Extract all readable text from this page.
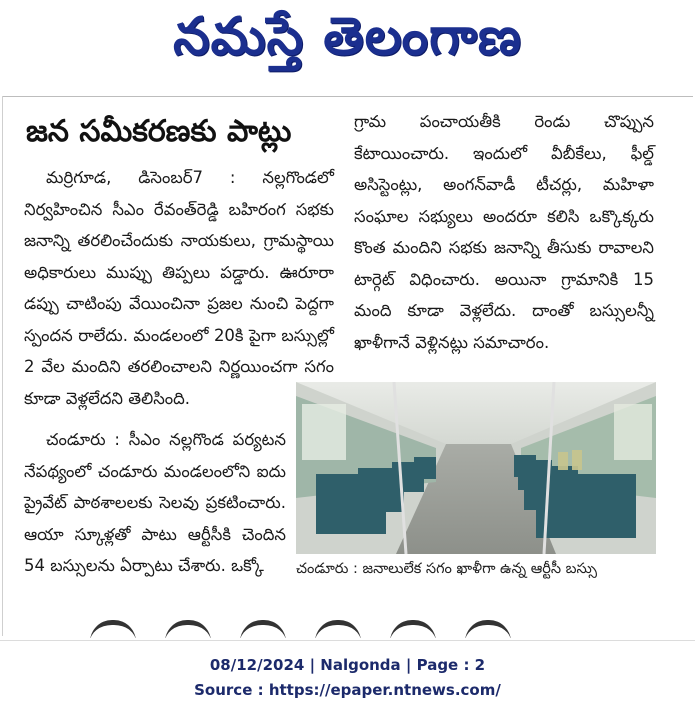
నమస్తే తెలంగాణ
జన సమీకరణకు పాట్లు

మర్రిగూడ, డిసెంబర్7 : నల్లగొండలో నిర్వహించిన సీఎం రేవంత్‌రెడ్డి బహిరంగ సభకు జనాన్ని తరలించేందుకు నాయకులు, గ్రామస్థాయి అధికారులు ముప్పు తిప్పలు పడ్డారు. ఊరూరా డప్పు చాటింపు వేయించినా ప్రజల నుంచి పెద్దగా స్పందన రాలేదు. మండలంలో 20కి పైగా బస్సుల్లో 2 వేల మందిని తరలించాలని నిర్ణయించగా సగం కూడా వెళ్లలేదని తెలిసింది.

గ్రామ పంచాయతీకి రెండు చొప్పున కేటాయించారు. ఇందులో వీబీకేలు, ఫీల్డ్ అసిస్టెంట్లు, అంగన్‌వాడీ టీచర్లు, మహిళా సంఘాల సభ్యులు అందరూ కలిసి ఒక్కొక్కరు కొంత మందిని సభకు జనాన్ని తీసుకు రావాలని టార్గెట్ విధించారు. అయినా గ్రామానికి 15 మంది కూడా వెళ్లలేదు. దాంతో బస్సులన్నీ ఖాళీగానే వెళ్లినట్లు సమాచారం.

చండూరు : సీఎం నల్లగొండ పర్యటన నేపథ్యంలో చండూరు మండలంలోని ఐదు ప్రైవేట్ పాఠశాలలకు సెలవు ప్రకటించారు. ఆయా స్కూళ్లతో పాటు ఆర్టీసీకి చెందిన 54 బస్సులను ఏర్పాటు చేశారు. ఒక్కో	చండూరు : జనాలులేక సగం ఖాళీగా ఉన్న ఆర్టీసీ బస్సు

08/12/2024 | Nalgonda | Page : 2
Source : https://epaper.ntnews.com/
